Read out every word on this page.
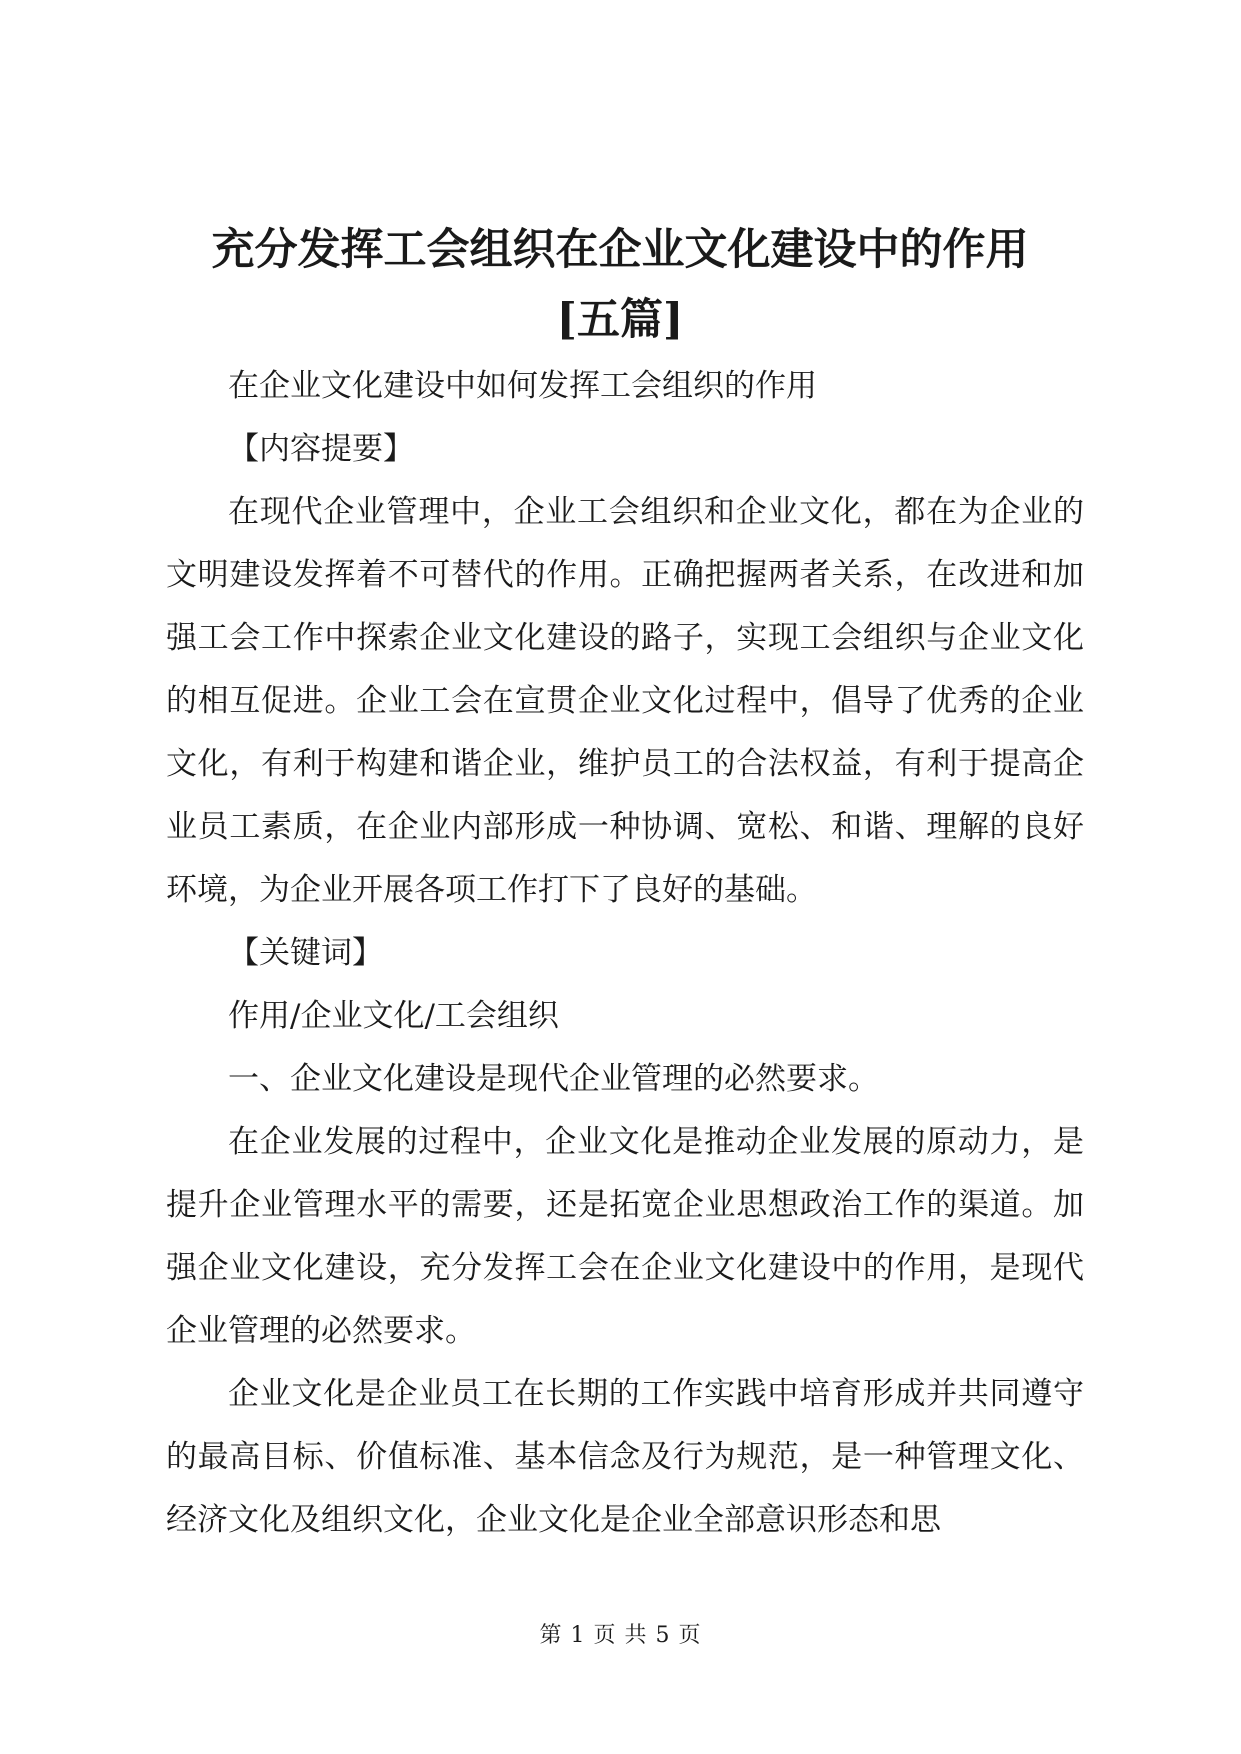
充分发挥工会组织在企业文化建设中的作用
[五篇]

在企业文化建设中如何发挥工会组织的作用

【内容提要】

在现代企业管理中，企业工会组织和企业文化，都在为企业的文明建设发挥着不可替代的作用。正确把握两者关系，在改进和加强工会工作中探索企业文化建设的路子，实现工会组织与企业文化的相互促进。企业工会在宣贯企业文化过程中，倡导了优秀的企业文化，有利于构建和谐企业，维护员工的合法权益，有利于提高企业员工素质，在企业内部形成一种协调、宽松、和谐、理解的良好环境，为企业开展各项工作打下了良好的基础。

【关键词】

作用/企业文化/工会组织

一、企业文化建设是现代企业管理的必然要求。

在企业发展的过程中，企业文化是推动企业发展的原动力，是提升企业管理水平的需要，还是拓宽企业思想政治工作的渠道。加强企业文化建设，充分发挥工会在企业文化建设中的作用，是现代企业管理的必然要求。

企业文化是企业员工在长期的工作实践中培育形成并共同遵守的最高目标、价值标准、基本信念及行为规范，是一种管理文化、经济文化及组织文化，企业文化是企业全部意识形态和思

第 1 页 共 5 页
